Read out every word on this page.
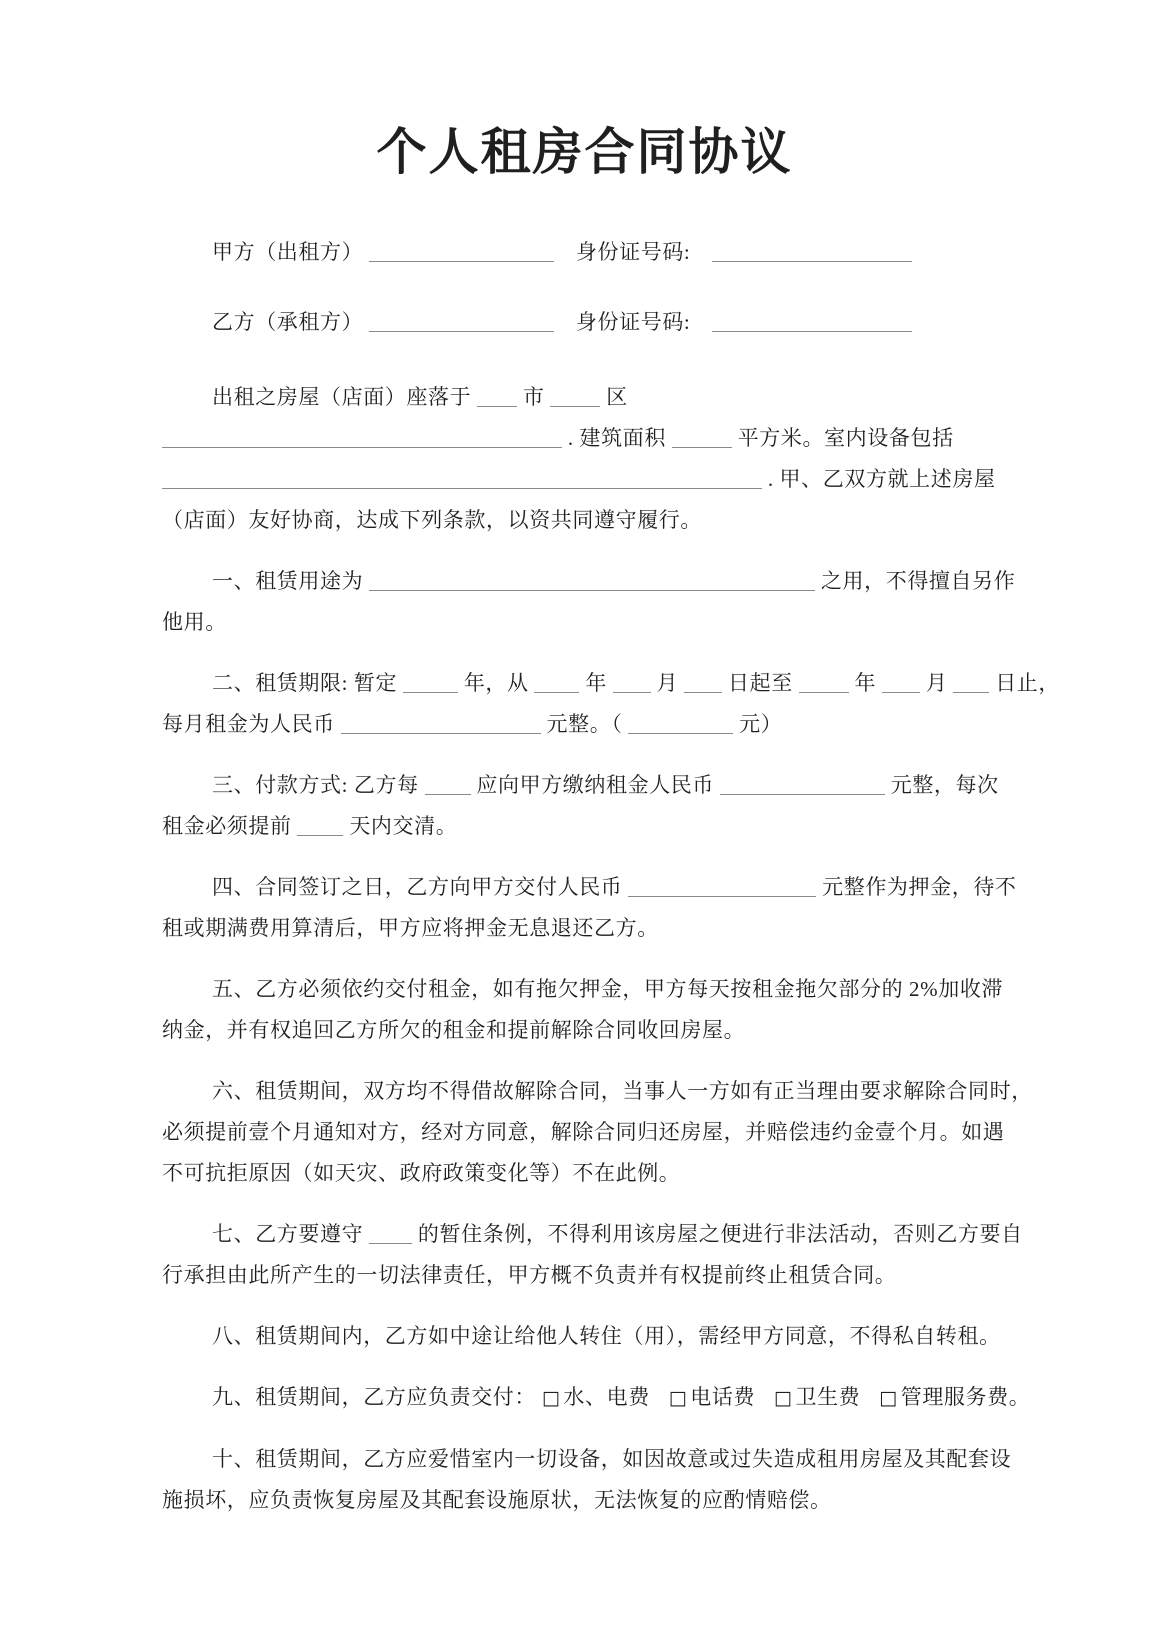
个人租房合同协议
甲方（出租方）	身份证号码:
乙方（承租方）	身份证号码:
出租之房屋（店面）座落于 市	区
. 建筑面积	平方米。室内设备包括
. 甲、乙双方就上述房屋
（店面）友好协商，达成下列条款，以资共同遵守履行。
一、租赁用途为	之用，不得擅自另作
他用。
二、租赁期限: 暂定	年，从	年 月 日起至	年 月 日止，
每月租金为人民币	元整。（	元）
三、付款方式: 乙方每	应向甲方缴纳租金人民币	元整，每次
租金必须提前	天内交清。
四、合同签订之日，乙方向甲方交付人民币	元整作为押金，待不
租或期满费用算清后，甲方应将押金无息退还乙方。
五、乙方必须依约交付租金，如有拖欠押金，甲方每天按租金拖欠部分的 2%加收滞
纳金，并有权追回乙方所欠的租金和提前解除合同收回房屋。
六、租赁期间，双方均不得借故解除合同，当事人一方如有正当理由要求解除合同时，
必须提前壹个月通知对方，经对方同意，解除合同归还房屋，并赔偿违约金壹个月。如遇
不可抗拒原因（如天灾、政府政策变化等）不在此例。
七、乙方要遵守	的暂住条例，不得利用该房屋之便进行非法活动，否则乙方要自
行承担由此所产生的一切法律责任，甲方概不负责并有权提前终止租赁合同。
八、租赁期间内，乙方如中途让给他人转住（用），需经甲方同意，不得私自转租。
九、租赁期间，乙方应负责交付： □ 水、电费 □ 电话费 □ 卫生费 □ 管理服务费。
十、租赁期间，乙方应爱惜室内一切设备，如因故意或过失造成租用房屋及其配套设
施损坏，应负责恢复房屋及其配套设施原状，无法恢复的应酌情赔偿。
